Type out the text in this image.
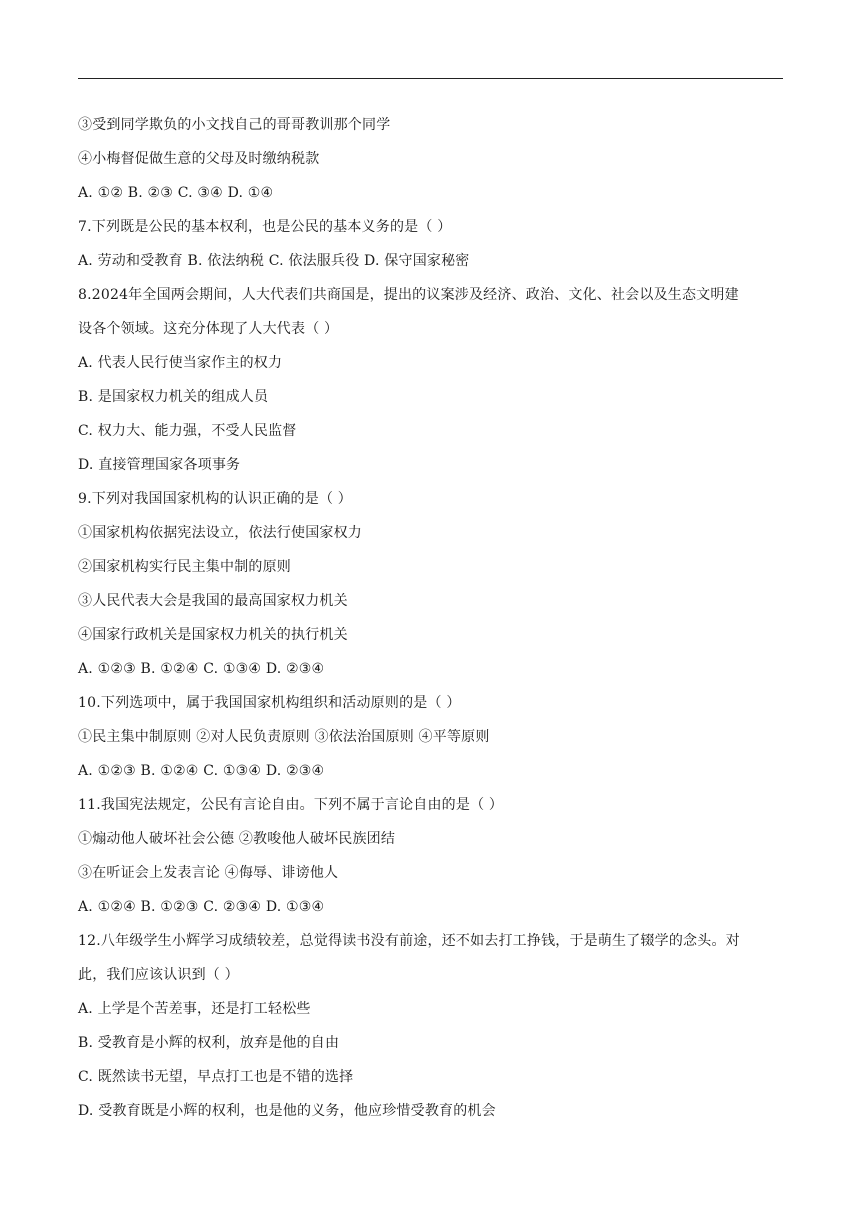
③受到同学欺负的小文找自己的哥哥教训那个同学
④小梅督促做生意的父母及时缴纳税款
A. ①② B. ②③ C. ③④ D. ①④
7.下列既是公民的基本权利，也是公民的基本义务的是（ ）
A. 劳动和受教育 B. 依法纳税 C. 依法服兵役 D. 保守国家秘密
8.2024年全国两会期间，人大代表们共商国是，提出的议案涉及经济、政治、文化、社会以及生态文明建
设各个领域。这充分体现了人大代表（ ）
A. 代表人民行使当家作主的权力
B. 是国家权力机关的组成人员
C. 权力大、能力强，不受人民监督
D. 直接管理国家各项事务
9.下列对我国国家机构的认识正确的是（ ）
①国家机构依据宪法设立，依法行使国家权力
②国家机构实行民主集中制的原则
③人民代表大会是我国的最高国家权力机关
④国家行政机关是国家权力机关的执行机关
A. ①②③ B. ①②④ C. ①③④ D. ②③④
10.下列选项中，属于我国国家机构组织和活动原则的是（ ）
①民主集中制原则 ②对人民负责原则 ③依法治国原则 ④平等原则
A. ①②③ B. ①②④ C. ①③④ D. ②③④
11.我国宪法规定，公民有言论自由。下列不属于言论自由的是（ ）
①煽动他人破坏社会公德 ②教唆他人破坏民族团结
③在听证会上发表言论 ④侮辱、诽谤他人
A. ①②④ B. ①②③ C. ②③④ D. ①③④
12.八年级学生小辉学习成绩较差，总觉得读书没有前途，还不如去打工挣钱，于是萌生了辍学的念头。对
此，我们应该认识到（ ）
A. 上学是个苦差事，还是打工轻松些
B. 受教育是小辉的权利，放弃是他的自由
C. 既然读书无望，早点打工也是不错的选择
D. 受教育既是小辉的权利，也是他的义务，他应珍惜受教育的机会
